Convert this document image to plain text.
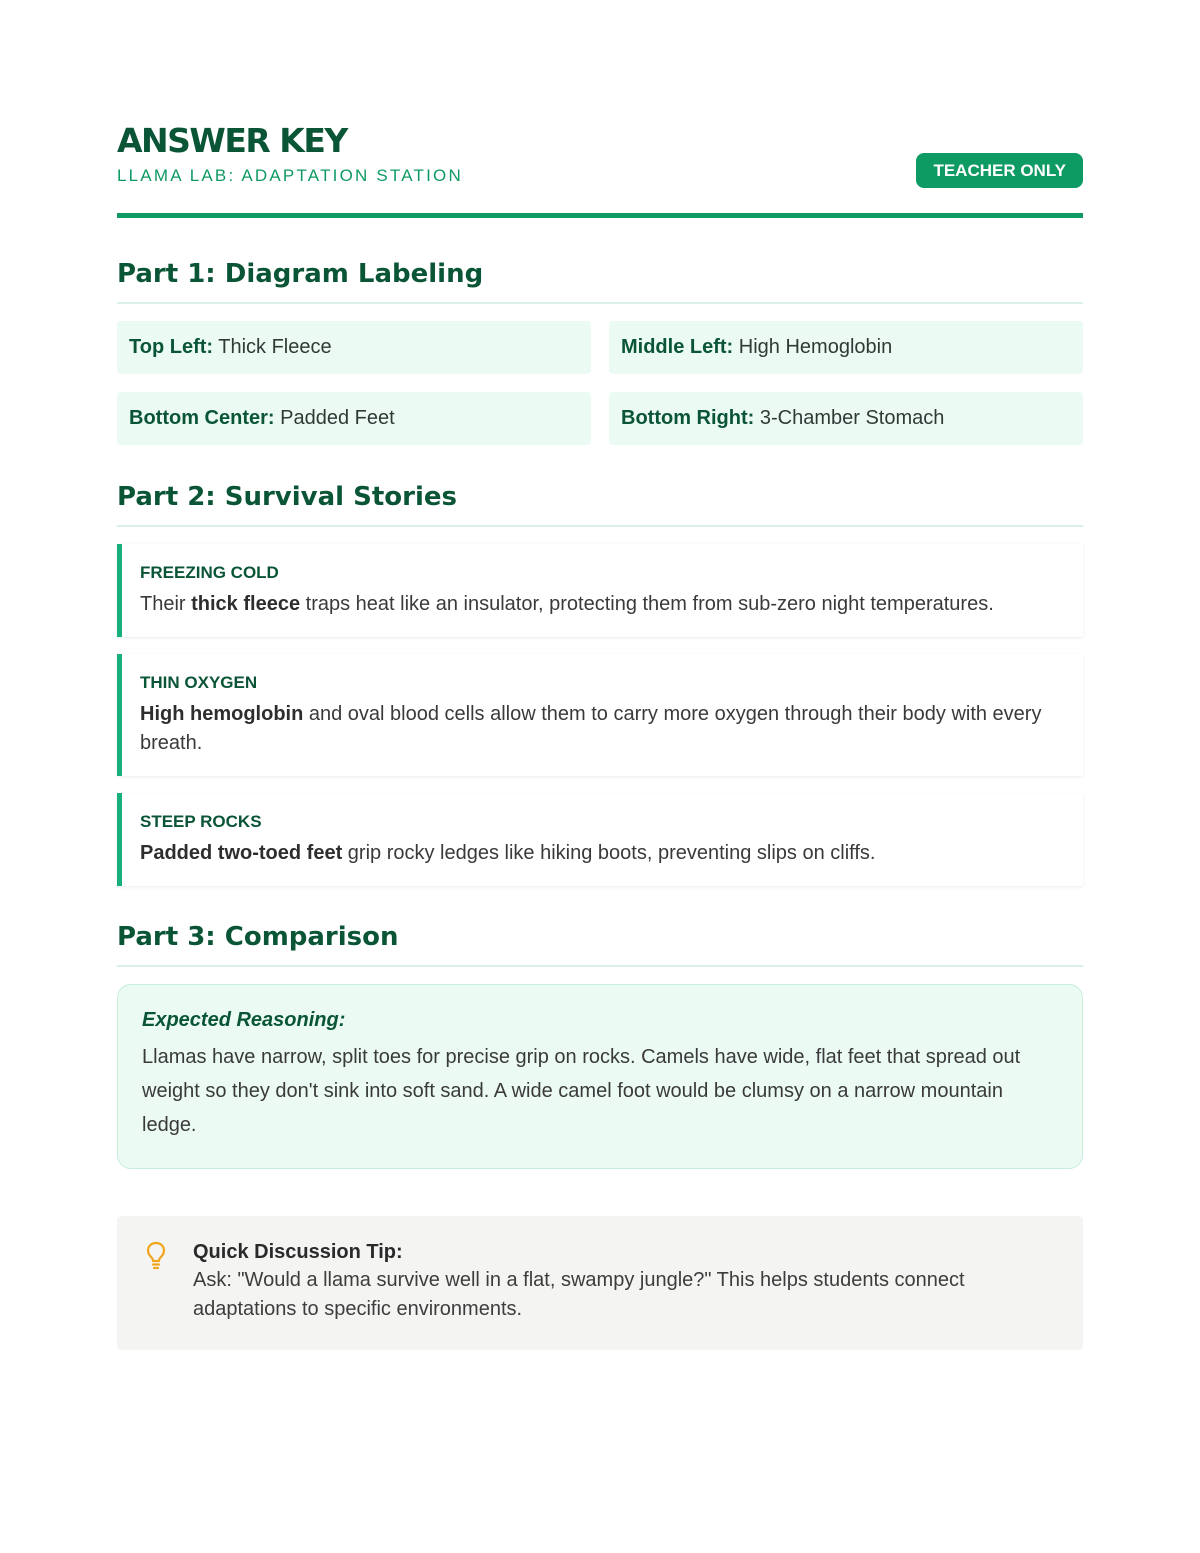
ANSWER KEY
LLAMA LAB: ADAPTATION STATION	TEACHER ONLY
Part 1: Diagram Labeling
Top Left: Thick Fleece	Middle Left: High Hemoglobin
Bottom Center: Padded Feet	Bottom Right: 3-Chamber Stomach
Part 2: Survival Stories
FREEZING COLD
Their thick fleece traps heat like an insulator, protecting them from sub-zero night temperatures.
THIN OXYGEN
High hemoglobin and oval blood cells allow them to carry more oxygen through their body with every breath.
STEEP ROCKS
Padded two-toed feet grip rocky ledges like hiking boots, preventing slips on cliffs.
Part 3: Comparison
Expected Reasoning:
Llamas have narrow, split toes for precise grip on rocks. Camels have wide, flat feet that spread out weight so they don't sink into soft sand. A wide camel foot would be clumsy on a narrow mountain ledge.
Quick Discussion Tip:
Ask: "Would a llama survive well in a flat, swampy jungle?" This helps students connect adaptations to specific environments.
